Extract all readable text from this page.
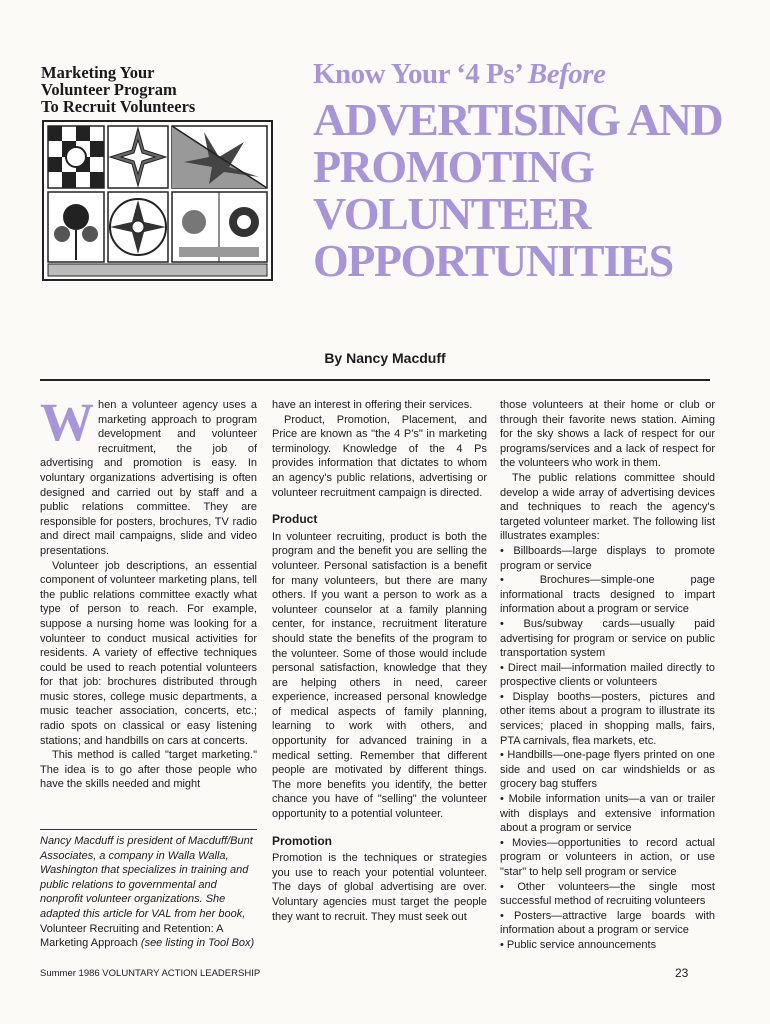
Marketing Your
Volunteer Program
To Recruit Volunteers
Know Your ‘4 Ps’ Before
ADVERTISING AND
PROMOTING
VOLUNTEER
OPPORTUNITIES
By Nancy Macduff
W hen a volunteer agency uses a marketing approach to program development and volunteer recruitment, the job of advertising and promotion is easy. In voluntary organizations advertising is often designed and carried out by staff and a public relations committee. They are responsible for posters, brochures, TV radio and direct mail campaigns, slide and video presentations.

Volunteer job descriptions, an essential component of volunteer marketing plans, tell the public relations committee exactly what type of person to reach. For example, suppose a nursing home was looking for a volunteer to conduct musical activities for residents. A variety of effective techniques could be used to reach potential volunteers for that job: brochures distributed through music stores, college music departments, a music teacher association, concerts, etc.; radio spots on classical or easy listening stations; and handbills on cars at concerts.

This method is called "target marketing." The idea is to go after those people who have the skills needed and might

Nancy Macduff is president of Macduff/Bunt Associates, a company in Walla Walla, Washington that specializes in training and public relations to governmental and nonprofit volunteer organizations. She adapted this article for VAL from her book, Volunteer Recruiting and Retention: A Marketing Approach (see listing in Tool Box)

have an interest in offering their services.

Product, Promotion, Placement, and Price are known as "the 4 P's" in marketing terminology. Knowledge of the 4 Ps provides information that dictates to whom an agency's public relations, advertising or volunteer recruitment campaign is directed.

Product

In volunteer recruiting, product is both the program and the benefit you are selling the volunteer. Personal satisfaction is a benefit for many volunteers, but there are many others. If you want a person to work as a volunteer counselor at a family planning center, for instance, recruitment literature should state the benefits of the program to the volunteer. Some of those would include personal satisfaction, knowledge that they are helping others in need, career experience, increased personal knowledge of medical aspects of family planning, learning to work with others, and opportunity for advanced training in a medical setting. Remember that different people are motivated by different things. The more benefits you identify, the better chance you have of "selling" the volunteer opportunity to a potential volunteer.

Promotion

Promotion is the techniques or strategies you use to reach your potential volunteer. The days of global advertising are over. Voluntary agencies must target the people they want to recruit. They must seek out

those volunteers at their home or club or through their favorite news station. Aiming for the sky shows a lack of respect for our programs/services and a lack of respect for the volunteers who work in them.

The public relations committee should develop a wide array of advertising devices and techniques to reach the agency's targeted volunteer market. The following list illustrates examples:

• Billboards—large displays to promote program or service

• Brochures—simple-one page informational tracts designed to impart information about a program or service

• Bus/subway cards—usually paid advertising for program or service on public transportation system

• Direct mail—information mailed directly to prospective clients or volunteers

• Display booths—posters, pictures and other items about a program to illustrate its services; placed in shopping malls, fairs, PTA carnivals, flea markets, etc.

• Handbills—one-page flyers printed on one side and used on car windshields or as grocery bag stuffers

• Mobile information units—a van or trailer with displays and extensive information about a program or service

• Movies—opportunities to record actual program or volunteers in action, or use "star" to help sell program or service

• Other volunteers—the single most successful method of recruiting volunteers

• Posters—attractive large boards with information about a program or service

• Public service announcements

Summer 1986 VOLUNTARY ACTION LEADERSHIP	23
